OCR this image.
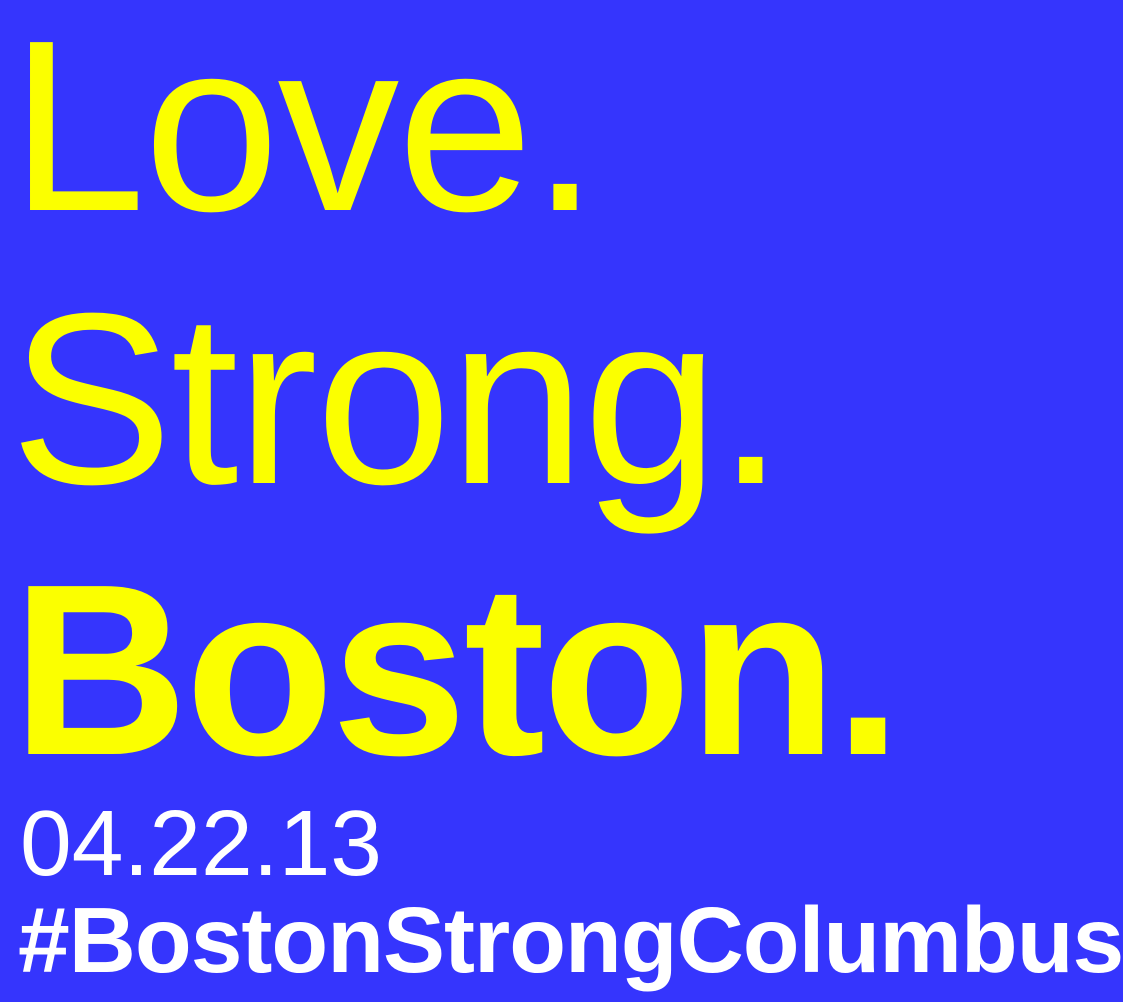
Love.
Strong.
Boston.
04.22.13
#BostonStrongColumbus
